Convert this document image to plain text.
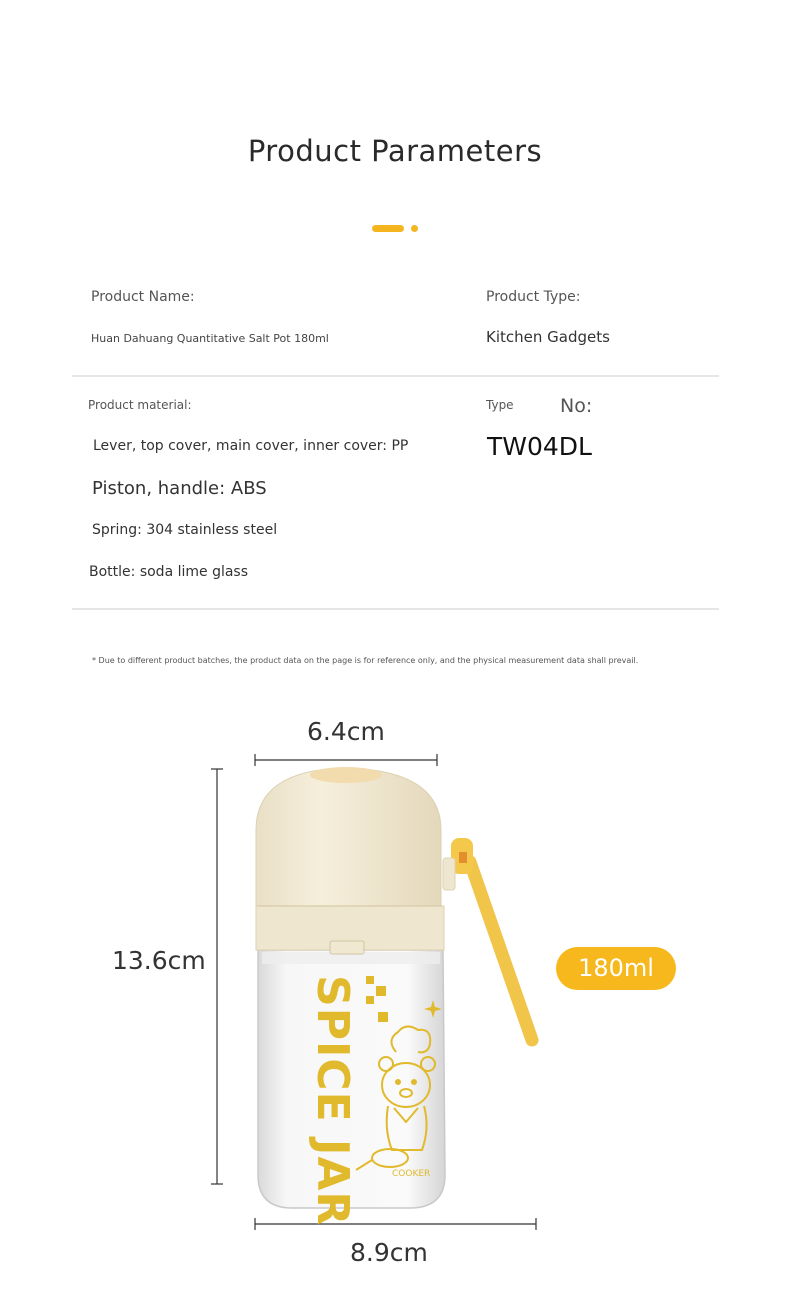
Product Parameters
Product Name:
Huan Dahuang Quantitative Salt Pot 180ml
Product Type:
Kitchen Gadgets
Product material:
Lever, top cover, main cover, inner cover: PP
Piston, handle: ABS
Spring: 304 stainless steel
Bottle: soda lime glass
Type No:
TW04DL
* Due to different product batches, the product data on the page is for reference only, and the physical measurement data shall prevail.
6.4cm
13.6cm
8.9cm
180ml
SPICE JAR	COOKER
